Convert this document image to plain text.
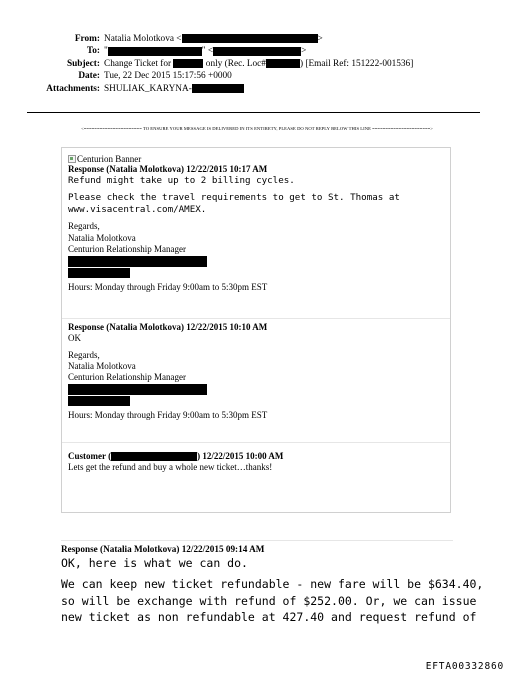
From: Natalia Molotkova <	>
To: "	" <	>
Subject: Change Ticket for	only (Rec. Loc#	) [Email Ref: 151222-001536]
Date: Tue, 22 Dec 2015 15:17:56 +0000
Attachments: SHULIAK_KARYNA-
<====================== TO ENSURE YOUR MESSAGE IS DELIVERED IN ITS ENTIRETY, PLEASE DO NOT REPLY BELOW THIS LINE ======================>
Centurion Banner
Response (Natalia Molotkova) 12/22/2015 10:17 AM
Refund might take up to 2 billing cycles.
Please check the travel requirements to get to St. Thomas at
www.visacentral.com/AMEX.
Regards,
Natalia Molotkova
Centurion Relationship Manager
Hours: Monday through Friday 9:00am to 5:30pm EST
Response (Natalia Molotkova) 12/22/2015 10:10 AM
OK
Regards,
Natalia Molotkova
Centurion Relationship Manager
Hours: Monday through Friday 9:00am to 5:30pm EST
Customer (	) 12/22/2015 10:00 AM
Lets get the refund and buy a whole new ticket…thanks!
Response (Natalia Molotkova) 12/22/2015 09:14 AM
OK, here is what we can do.
We can keep new ticket refundable - new fare will be $634.40,
so will be exchange with refund of $252.00. Or, we can issue
new ticket as non refundable at 427.40 and request refund of
EFTA00332860
